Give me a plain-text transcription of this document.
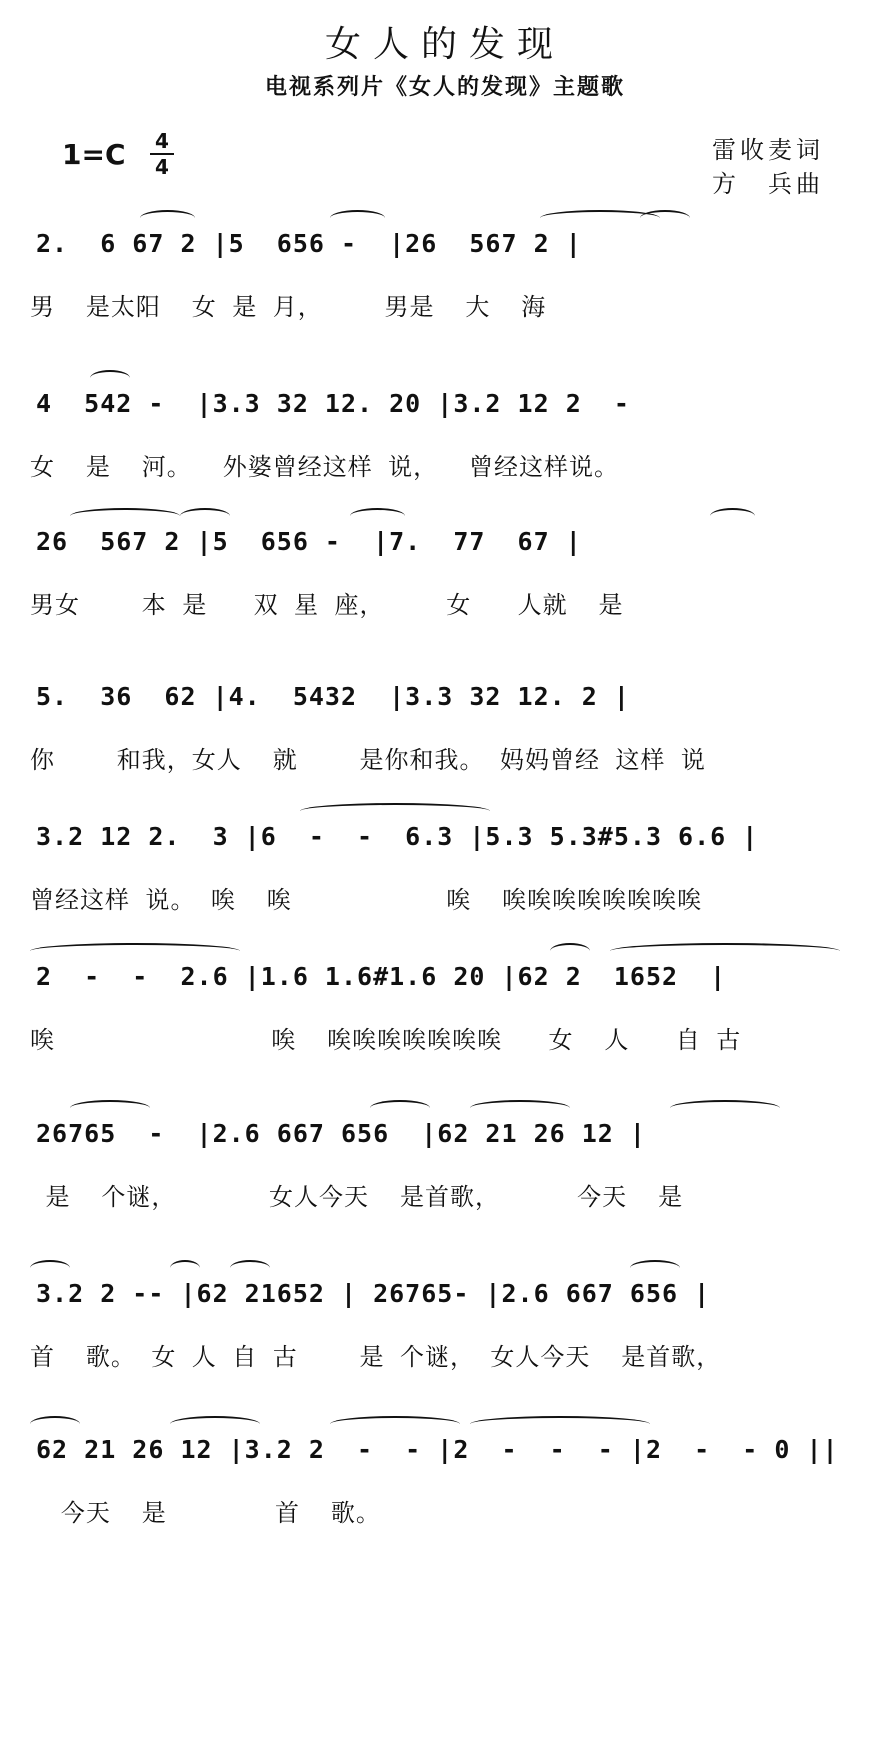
女人的发现
电视系列片《女人的发现》主题歌
1=C 4
4
雷收麦词
方　兵曲
2.  6 67 2 |5  656 -  |26  567 2 |
男  是太阳  女 是 月，    男是  大  海
4  542 -  |3.3 32 12. 20 |3.2 12 2  -
女  是  河。  外婆曾经这样 说，  曾经这样说。
26  567 2 |5  656 -  |7.  77  67 |
男女    本 是   双 星 座，    女   人就  是
5.  36  62 |4.  5432  |3.3 32 12. 2 |
你    和我，女人  就    是你和我。 妈妈曾经 这样 说
3.2 12 2.  3 |6  -  -  6.3 |5.3 5.3#5.3 6.6 |
曾经这样 说。 唉  唉          唉  唉唉唉唉唉唉唉唉
2  -  -  2.6 |1.6 1.6#1.6 20 |62 2  1652  |
唉              唉  唉唉唉唉唉唉唉   女  人   自 古
26765  -  |2.6 667 656  |62 21 26 12 |
是  个谜，      女人今天  是首歌，     今天  是
3.2 2 -- |62 21652 | 26765- |2.6 667 656 |
首  歌。 女 人 自 古    是 个谜， 女人今天  是首歌，
62 21 26 12 |3.2 2  -  - |2  -  -  - |2  -  - 0 ||
今天  是       首  歌。
